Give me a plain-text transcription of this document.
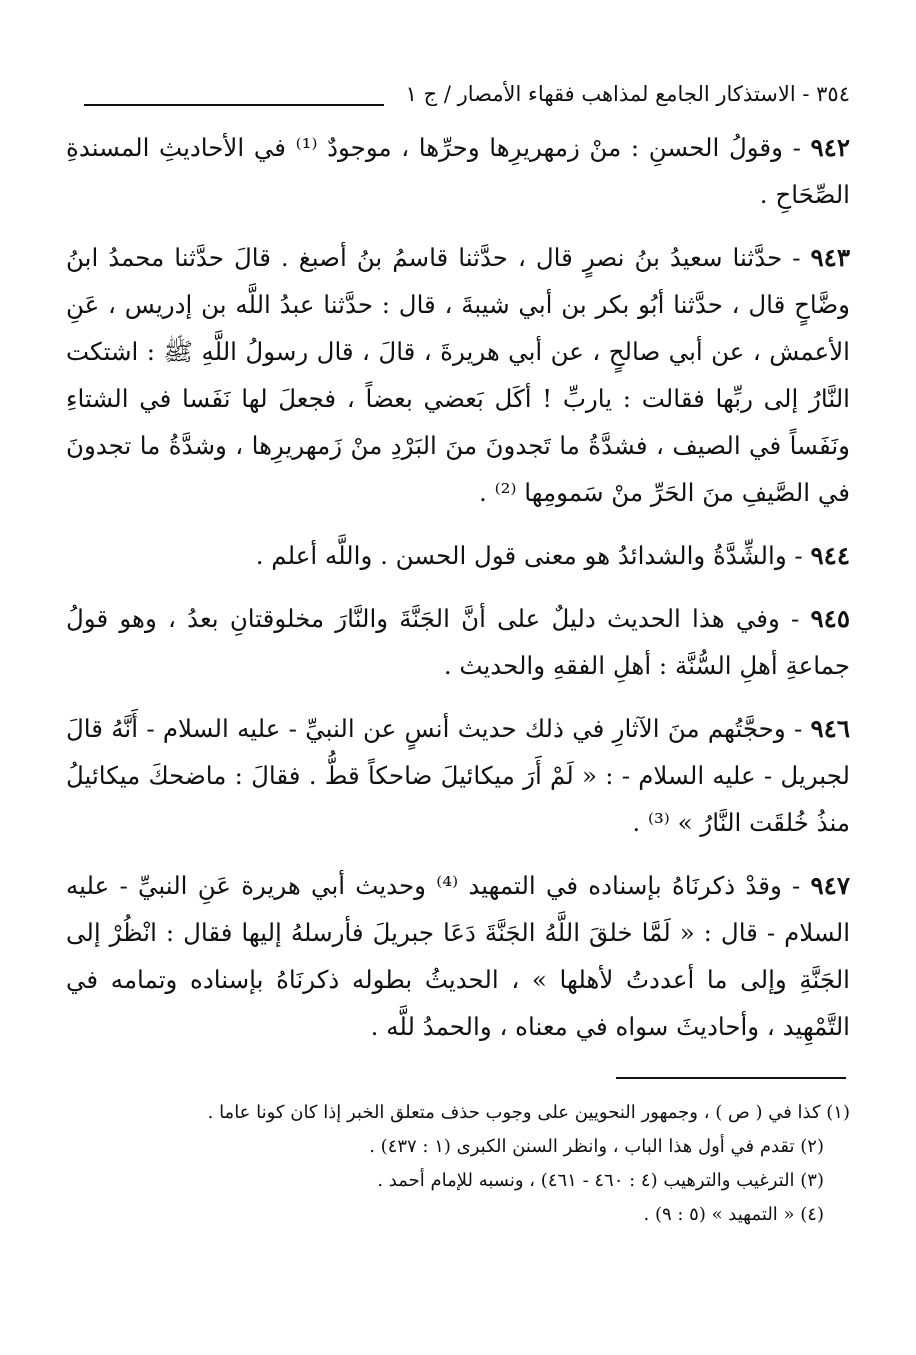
٣٥٤ - الاستذكار الجامع لمذاهب فقهاء الأمصار / ج ١

٩٤٢ - وقولُ الحسنِ : منْ زمهريرِها وحرِّها ، موجودٌ ⁽¹⁾ في الأحاديثِ المسندةِ الصِّحَاحِ .

٩٤٣ - حدَّثنا سعيدُ بنُ نصرٍ قال ، حدَّثنا قاسمُ بنُ أصبغ . قالَ حدَّثنا محمدُ ابنُ وضَّاحٍ قال ، حدَّثنا أبُو بكر بن أبي شيبةَ ، قال : حدَّثنا عبدُ اللَّه بن إدريس ، عَنِ الأعمش ، عن أبي صالحٍ ، عن أبي هريرةَ ، قالَ ، قال رسولُ اللَّهِ ﷺ : اشتكت النَّارُ إلى ربِّها فقالت : ياربِّ ! أكَل بَعضي بعضاً ، فجعلَ لها نَفَسا في الشتاءِ ونَفَساً في الصيف ، فشدَّةُ ما تَجدونَ منَ البَرْدِ منْ زَمهريرِها ، وشدَّةُ ما تجدونَ في الصَّيفِ منَ الحَرِّ منْ سَمومِها ⁽²⁾ .

٩٤٤ - والشِّدَّةُ والشدائدُ هو معنى قول الحسن . واللَّه أعلم .

٩٤٥ - وفي هذا الحديث دليلٌ على أنَّ الجَنَّةَ والنَّارَ مخلوقتانِ بعدُ ، وهو قولُ جماعةِ أهلِ السُّنَّة : أهلِ الفقهِ والحديث .

٩٤٦ - وحجَّتُهم منَ الآثارِ في ذلك حديث أنسٍ عن النبيِّ - عليه السلام - أَنَّهُ قالَ لجبريل - عليه السلام - : « لَمْ أَرَ ميكائيلَ ضاحكاً قطُّ . فقالَ : ماضحكَ ميكائيلُ منذُ خُلقَت النَّارُ » ⁽³⁾ .

٩٤٧ - وقدْ ذكرنَاهُ بإسناده في التمهيد ⁽⁴⁾ وحديث أبي هريرة عَنِ النبيِّ - عليه السلام - قال : « لَمَّا خلقَ اللَّهُ الجَنَّةَ دَعَا جبريلَ فأرسلهُ إليها فقال : انْظُرْ إلى الجَنَّةِ وإلى ما أعددتُ لأهلها » ، الحديثُ بطوله ذكرنَاهُ بإسناده وتمامه في التَّمْهِيد ، وأحاديثَ سواه في معناه ، والحمدُ للَّه .

(١) كذا في ( ص ) ، وجمهور النحويين على وجوب حذف متعلق الخبر إذا كان كونا عاما .

(٢) تقدم في أول هذا الباب ، وانظر السنن الكبرى (١ : ٤٣٧) .

(٣) الترغيب والترهيب (٤ : ٤٦٠ - ٤٦١) ، ونسبه للإمام أحمد .

(٤) « التمهيد » (٥ : ٩) .
